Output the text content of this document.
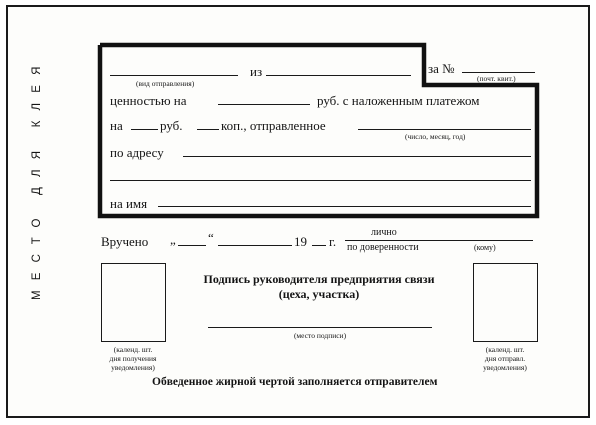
МЕСТО ДЛЯ КЛЕЯ	из
(вид отправления)
за №
(почт. квит.)
ценностью на	руб. с наложенным платежом
на	руб.	коп., отправленное
(число, месяц, год)
по адресу
на имя
Вручено „ “	19 г.
лично
по доверенности	(кому)
(календ. шт.
дня получения
уведомления)
(календ. шт.
дня отправл.
уведомления)
Подпись руководителя предприятия связи
(цеха, участка)
(место подписи)
Обведенное жирной чертой заполняется отправителем
